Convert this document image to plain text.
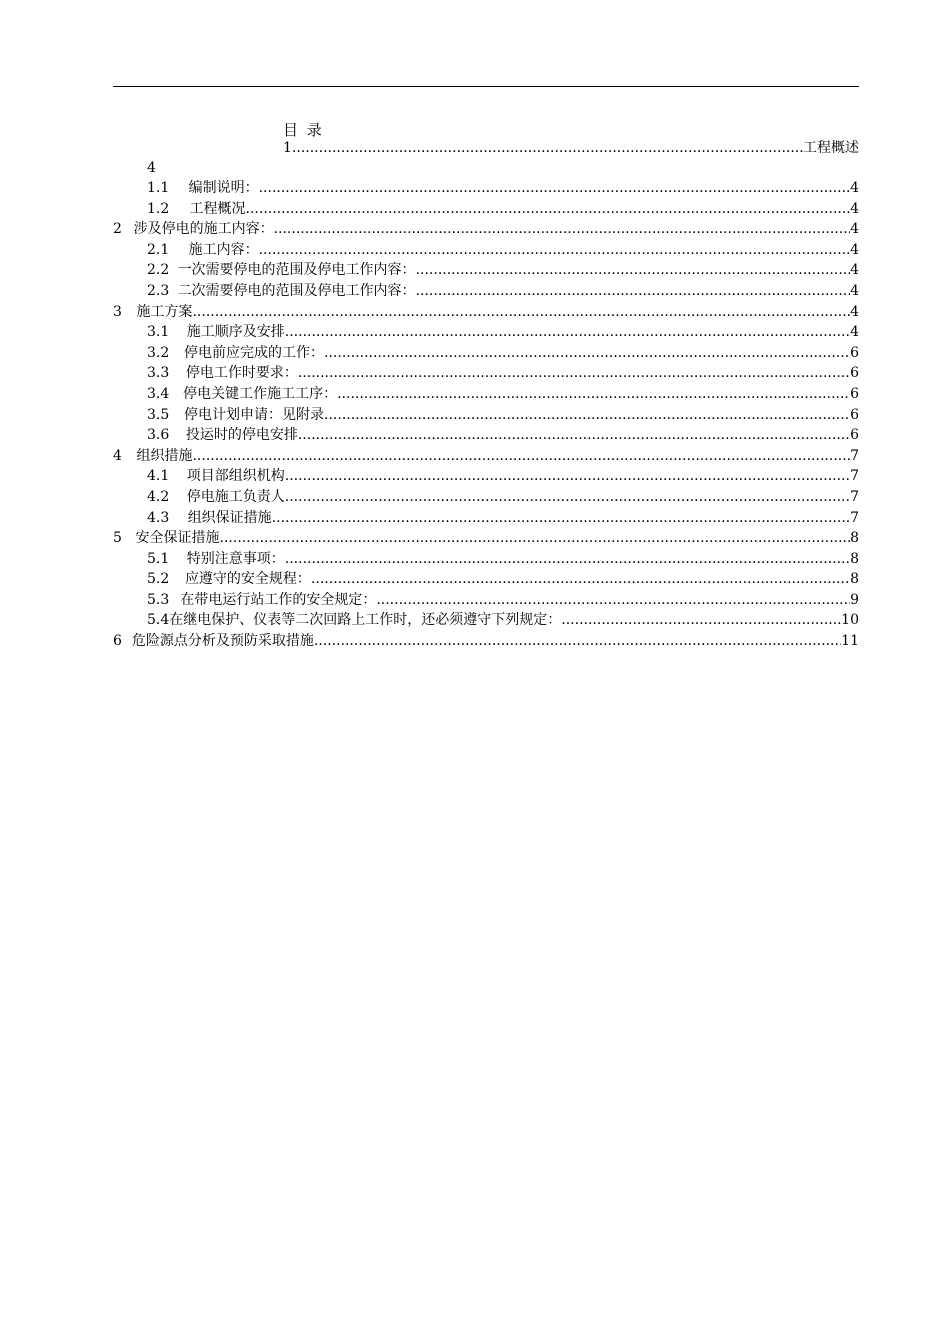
目 录
1 .....	工程概述
4
1.1	编制说明： .....	4
1.2	工程概况 .....	4
2 涉及停电的施工内容： .....	4
2.1	施工内容： .....	4
2.2 一次需要停电的范围及停电工作内容： .....	4
2.3 二次需要停电的范围及停电工作内容： .....	4
3	施工方案 .....	4
3.1	施工顺序及安排 .....	4
3.2	停电前应完成的工作： .....	6
3.3	停电工作时要求： .....	6
3.4 停电关键工作施工工序： .....	6
3.5	停电计划申请：见附录 .....	6
3.6	投运时的停电安排 .....	6
4	组织措施 .....	7
4.1	项目部组织机构 .....	7
4.2	停电施工负责人 .....	7
4.3	组织保证措施 .....	7
5 安全保证措施 .....	8
5.1	特别注意事项： .....	8
5.2	应遵守的安全规程： .....	8
5.3 在带电运行站工作的安全规定： .....	9
5.4 在继电保护、仪表等二次回路上工作时，还必须遵守下列规定： .....	10
6 危险源点分析及预防采取措施 .....	11
